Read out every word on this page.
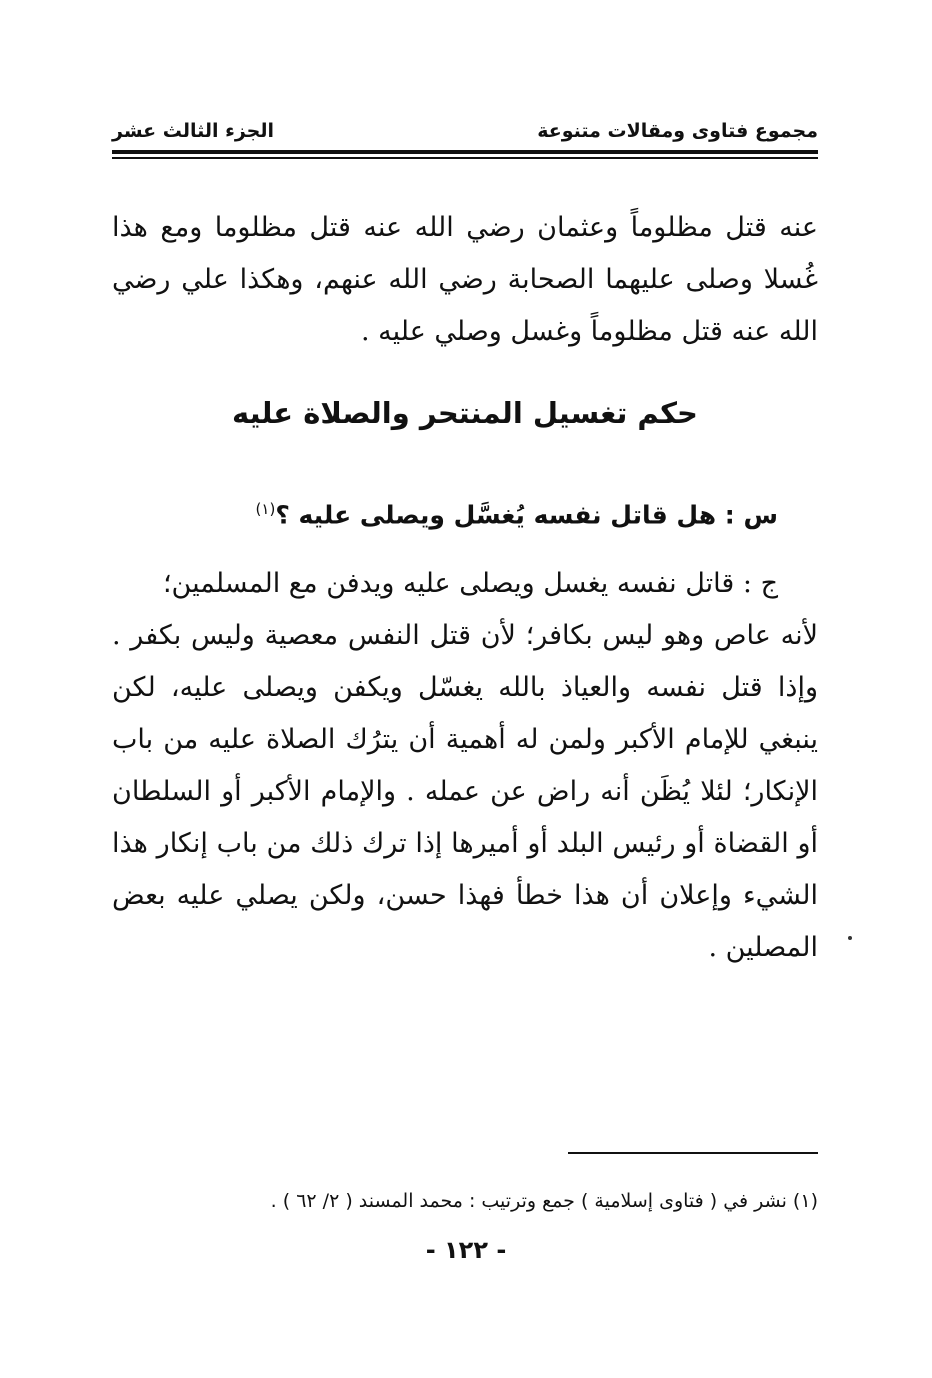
مجموع فتاوى ومقالات متنوعة
الجزء الثالث عشر

عنه قتل مظلوماً وعثمان رضي الله عنه قتل مظلوما ومع هذا غُسلا وصلى عليهما الصحابة رضي الله عنهم، وهكذا علي رضي الله عنه قتل مظلوماً وغسل وصلي عليه .

حكم تغسيل المنتحر والصلاة عليه
س : هل قاتل نفسه يُغسَّل ويصلى عليه ؟$^{(١)}$

ج : قاتل نفسه يغسل ويصلى عليه ويدفن مع المسلمين؛

لأنه عاص وهو ليس بكافر؛ لأن قتل النفس معصية وليس بكفر . وإذا قتل نفسه والعياذ بالله يغسّل ويكفن ويصلى عليه، لكن ينبغي للإمام الأكبر ولمن له أهمية أن يترُك الصلاة عليه من باب الإنكار؛ لئلا يُظَن أنه راض عن عمله . والإمام الأكبر أو السلطان أو القضاة أو رئيس البلد أو أميرها إذا ترك ذلك من باب إنكار هذا الشيء وإعلان أن هذا خطأ فهذا حسن، ولكن يصلي عليه بعض المصلين .

(١) نشر في ( فتاوى إسلامية ) جمع وترتيب : محمد المسند ( ٢/ ٦٢ ) .
- ١٢٢ -
